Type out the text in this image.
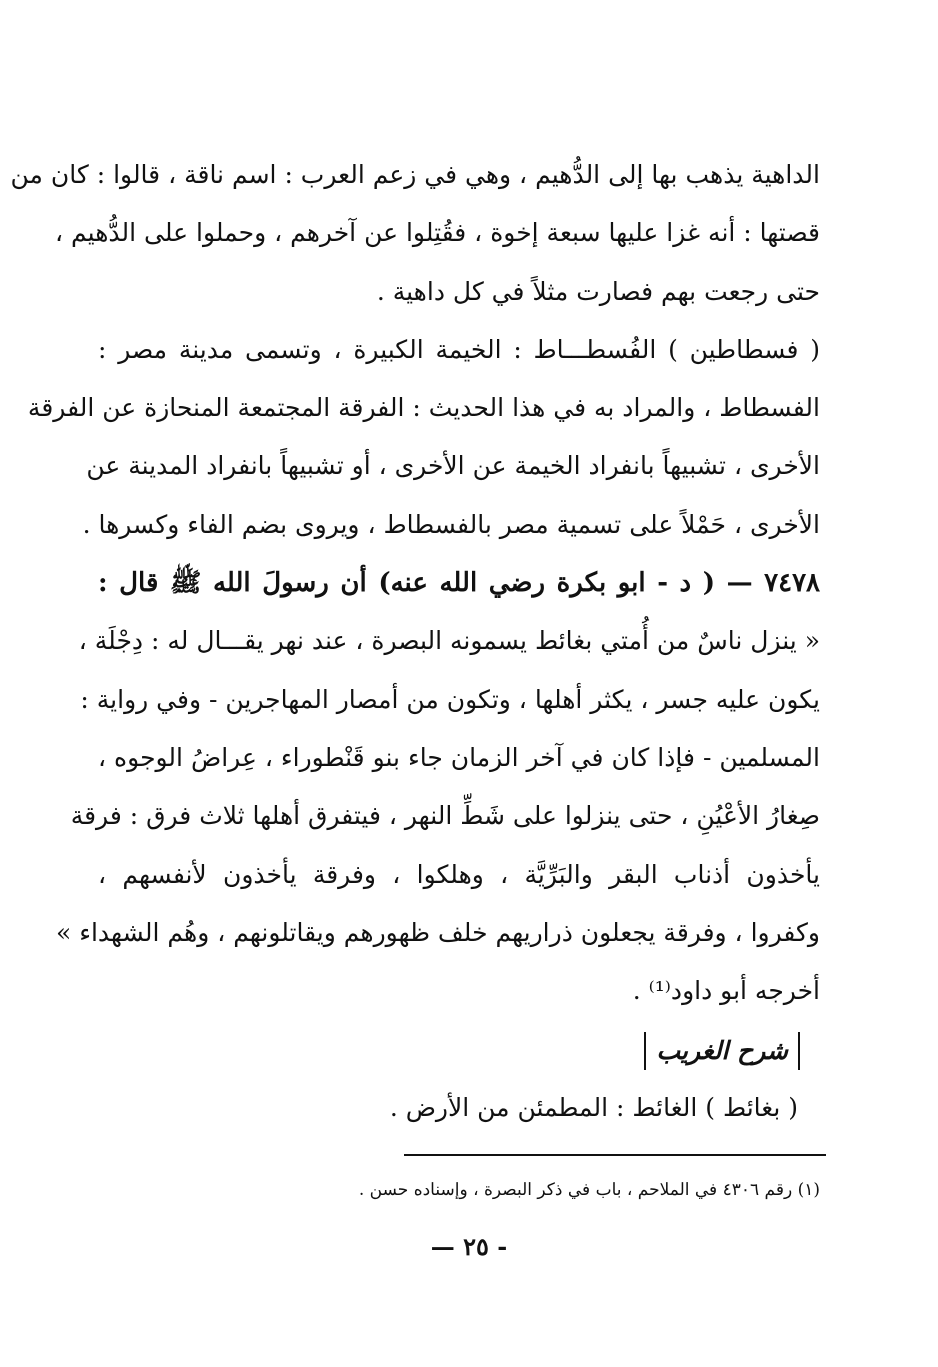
الداهية يذهب بها إلى الدُّهيم ، وهي في زعم العرب : اسم ناقة ، قالوا : كان من
قصتها : أنه غزا عليها سبعة إخوة ، فقُتِلوا عن آخرهم ، وحملوا على الدُّهيم ،
حتى رجعت بهم فصارت مثلاً في كل داهية .
( فسطاطين ) الفُسطـــاط : الخيمة الكبيرة ، وتسمى مدينة مصر :
الفسطاط ، والمراد به في هذا الحديث : الفرقة المجتمعة المنحازة عن الفرقة
الأخرى ، تشبيهاً بانفراد الخيمة عن الأخرى ، أو تشبيهاً بانفراد المدينة عن
الأخرى ، حَمْلاً على تسمية مصر بالفسطاط ، ويروى بضم الفاء وكسرها .
٧٤٧٨ — ( د - ابو بكرة رضي الله عنه) أن رسولَ الله ﷺ قال :
« ينزل ناسٌ من أُمتي بغائط يسمونه البصرة ، عند نهر يقـــال له : دِجْلَة ،
يكون عليه جسر ، يكثر أهلها ، وتكون من أمصار المهاجرين - وفي رواية :
المسلمين - فإذا كان في آخر الزمان جاء بنو قَنْطوراء ، عِراضُ الوجوه ،
صِغارُ الأعْيُنِ ، حتى ينزلوا على شَطِّ النهر ، فيتفرق أهلها ثلاث فرق : فرقة
يأخذون أذناب البقر والبَرِّيَّة ، وهلكوا ، وفرقة يأخذون لأنفسهم ،
وكفروا ، وفرقة يجعلون ذراريهم خلف ظهورهم ويقاتلونهم ، وهُم الشهداء »
أخرجه أبو داود⁽¹⁾ .
شرح الغريب
( بغائط ) الغائط : المطمئن من الأرض .
(١) رقم ٤٣٠٦ في الملاحم ، باب في ذكر البصرة ، وإسناده حسن .
- ٢٥ —
